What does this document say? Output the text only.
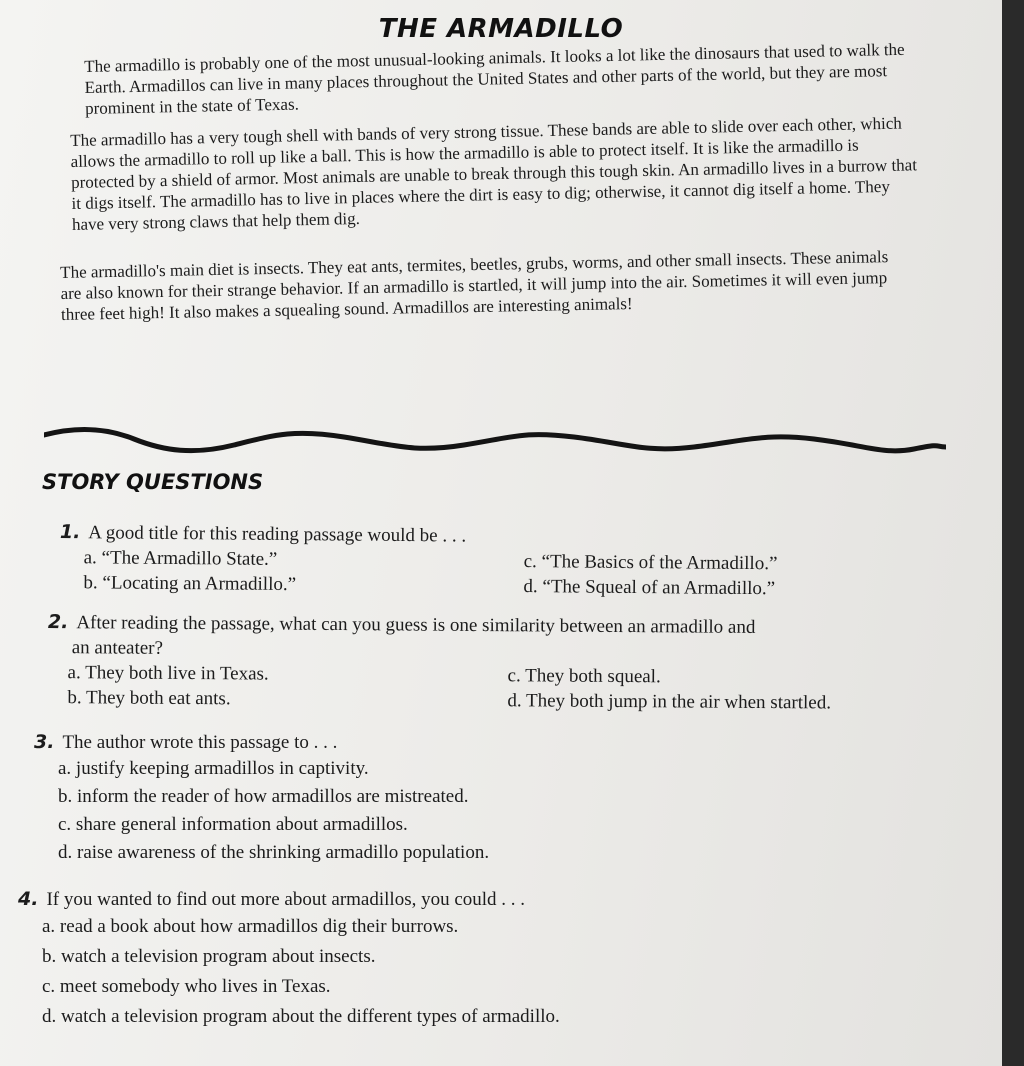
THE ARMADILLO

The armadillo is probably one of the most unusual-looking animals. It looks a lot like the dinosaurs that used to walk the Earth. Armadillos can live in many places throughout the United States and other parts of the world, but they are most prominent in the state of Texas.

The armadillo has a very tough shell with bands of very strong tissue. These bands are able to slide over each other, which allows the armadillo to roll up like a ball. This is how the armadillo is able to protect itself. It is like the armadillo is protected by a shield of armor. Most animals are unable to break through this tough skin. An armadillo lives in a burrow that it digs itself. The armadillo has to live in places where the dirt is easy to dig; otherwise, it cannot dig itself a home. They have very strong claws that help them dig.

The armadillo's main diet is insects. They eat ants, termites, beetles, grubs, worms, and other small insects. These animals are also known for their strange behavior. If an armadillo is startled, it will jump into the air. Sometimes it will even jump three feet high! It also makes a squealing sound. Armadillos are interesting animals!

STORY QUESTIONS

1. A good title for this reading passage would be . . .

a. “The Armadillo State.”	c. “The Basics of the Armadillo.”
b. “Locating an Armadillo.”	d. “The Squeal of an Armadillo.”

2. After reading the passage, what can you guess is one similarity between an armadillo and

an anteater?
a. They both live in Texas.	c. They both squeal.
b. They both eat ants.	d. They both jump in the air when startled.

3. The author wrote this passage to . . .

a. justify keeping armadillos in captivity.
b. inform the reader of how armadillos are mistreated.
c. share general information about armadillos.
d. raise awareness of the shrinking armadillo population.

4. If you wanted to find out more about armadillos, you could . . .

a. read a book about how armadillos dig their burrows.
b. watch a television program about insects.
c. meet somebody who lives in Texas.
d. watch a television program about the different types of armadillo.
